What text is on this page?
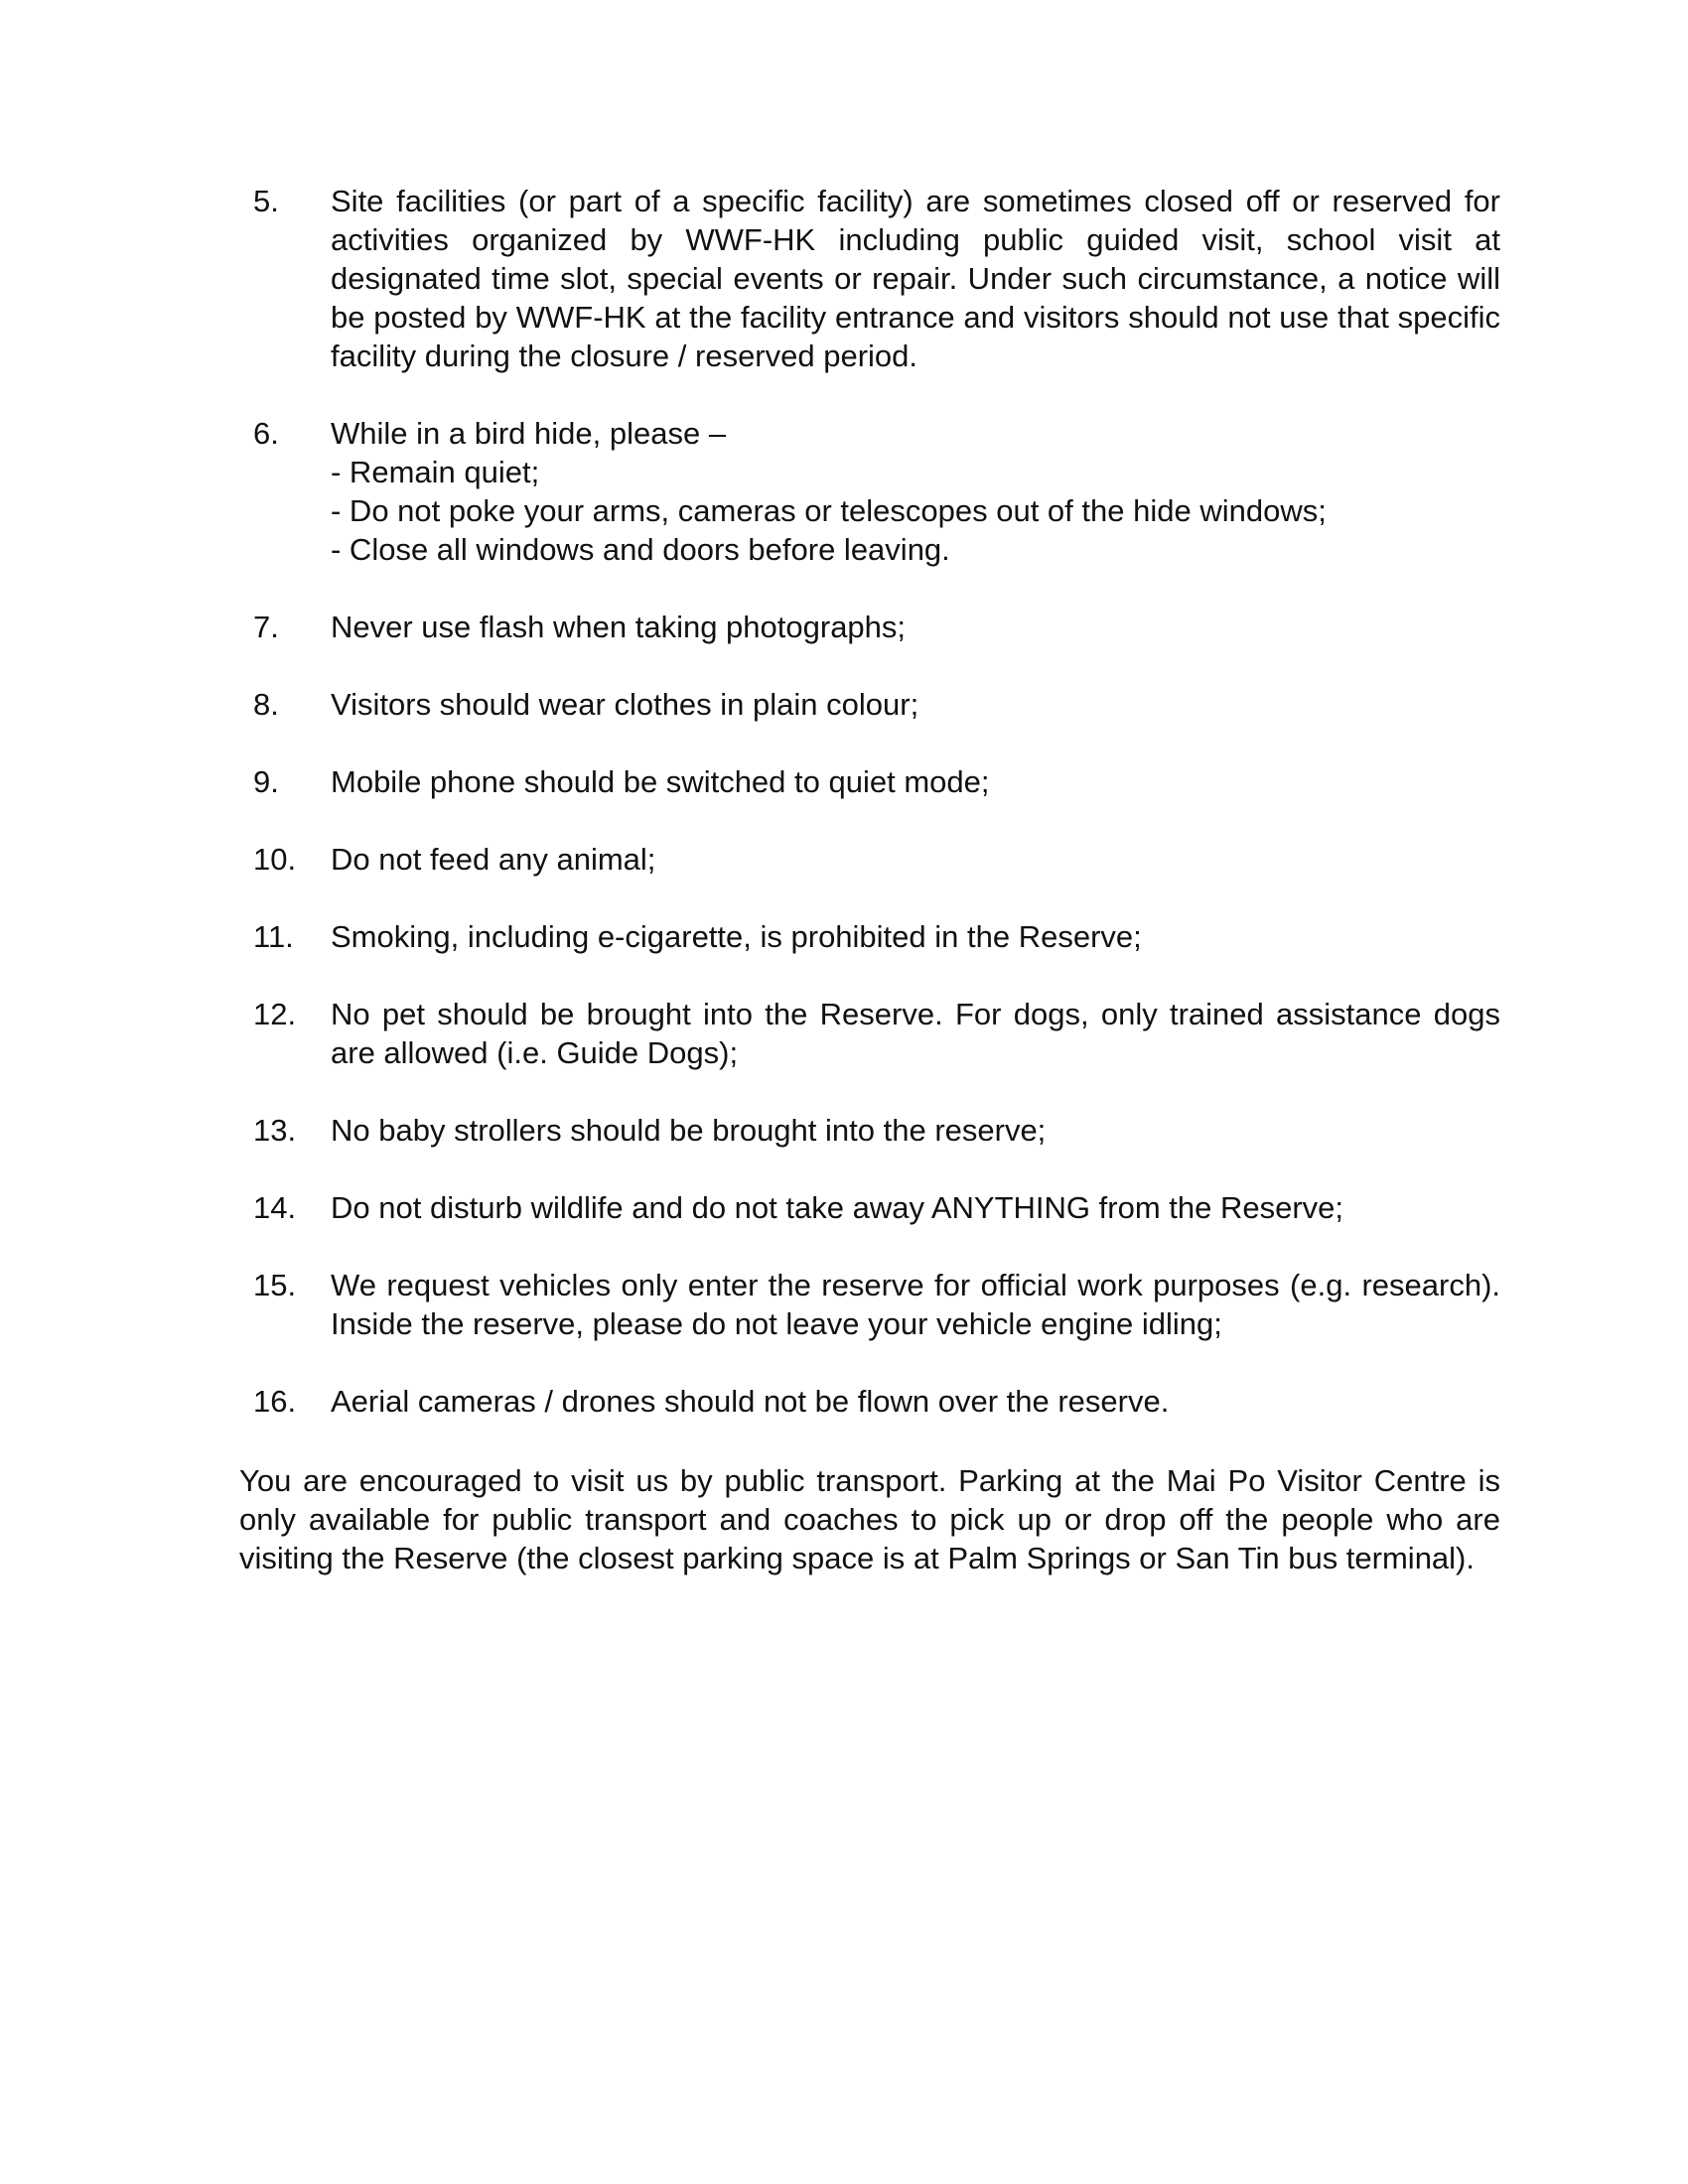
5.	Site facilities (or part of a specific facility) are sometimes closed off or reserved for activities organized by WWF-HK including public guided visit, school visit at designated time slot, special events or repair. Under such circumstance, a notice will be posted by WWF-HK at the facility entrance and visitors should not use that specific facility during the closure / reserved period.
6.	While in a bird hide, please –
- Remain quiet;
- Do not poke your arms, cameras or telescopes out of the hide windows;
- Close all windows and doors before leaving.
7.	Never use flash when taking photographs;
8.	Visitors should wear clothes in plain colour;
9.	Mobile phone should be switched to quiet mode;
10.	Do not feed any animal;
11.	Smoking, including e-cigarette, is prohibited in the Reserve;
12.	No pet should be brought into the Reserve. For dogs, only trained assistance dogs are allowed (i.e. Guide Dogs);
13.	No baby strollers should be brought into the reserve;
14.	Do not disturb wildlife and do not take away ANYTHING from the Reserve;
15.	We request vehicles only enter the reserve for official work purposes (e.g. research). Inside the reserve, please do not leave your vehicle engine idling;
16.	Aerial cameras / drones should not be flown over the reserve.

You are encouraged to visit us by public transport. Parking at the Mai Po Visitor Centre is only available for public transport and coaches to pick up or drop off the people who are visiting the Reserve (the closest parking space is at Palm Springs or San Tin bus terminal).
